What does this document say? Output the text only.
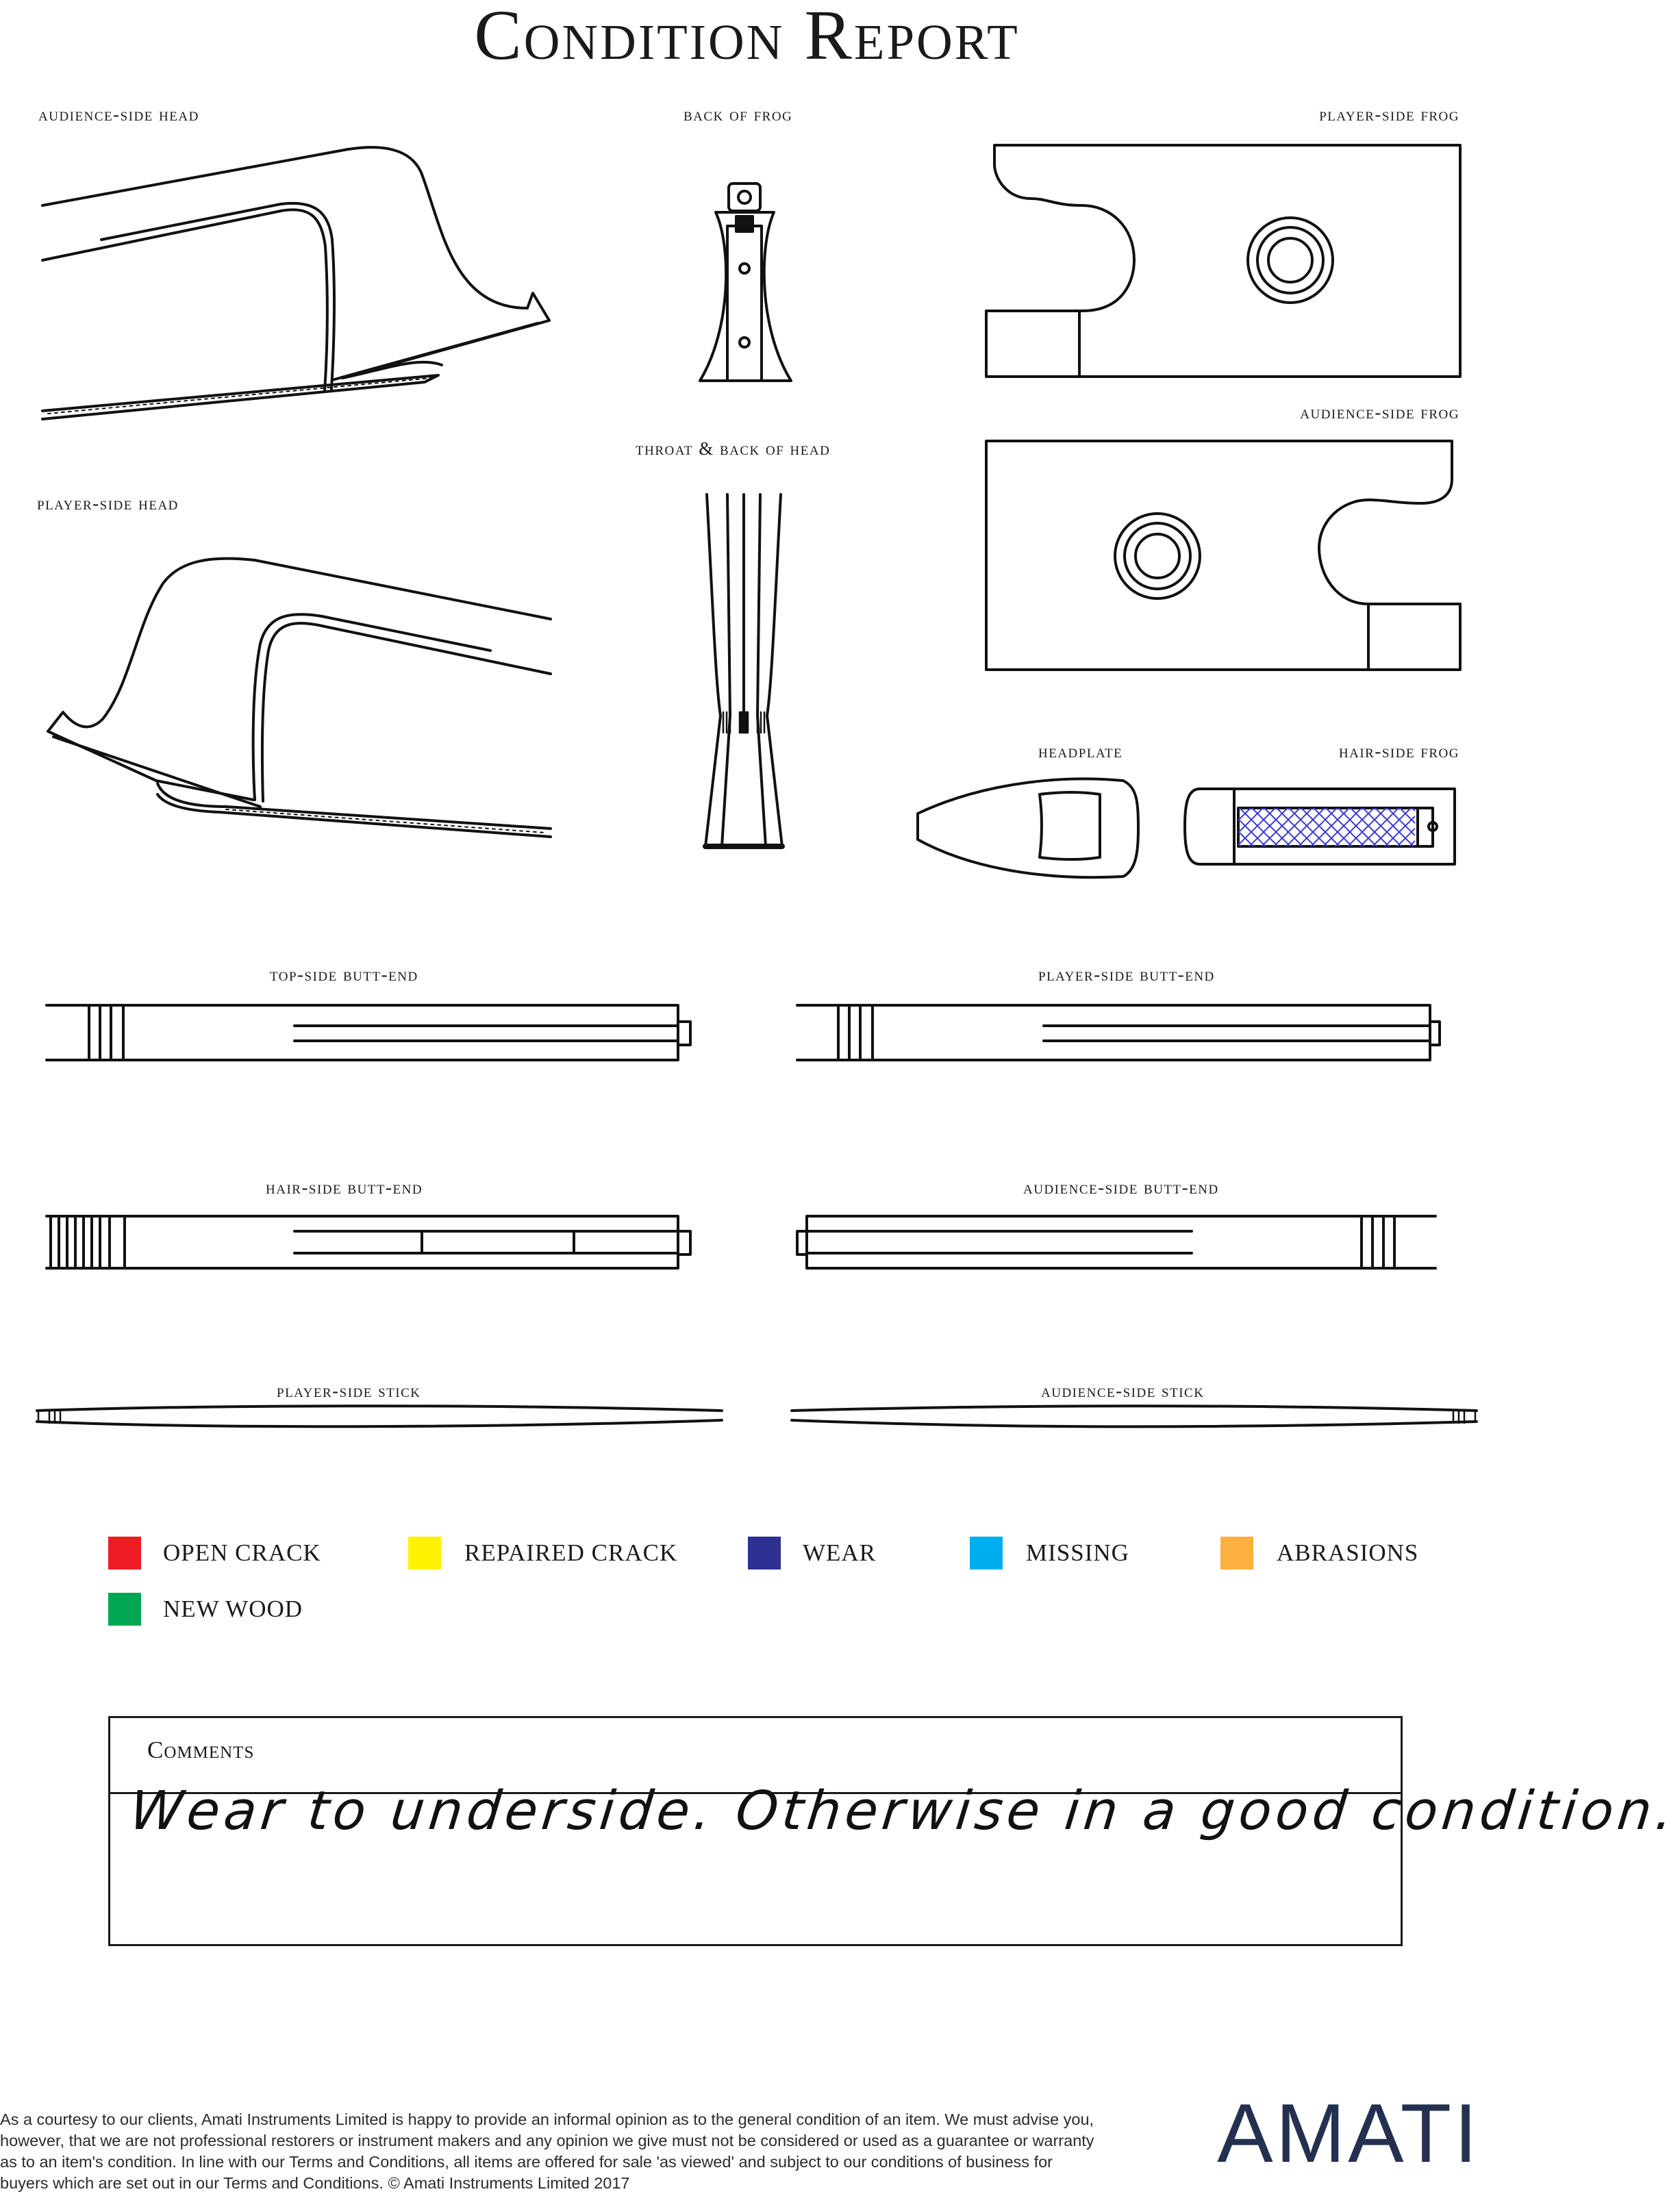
Condition Report
audience-side head	back of frog	player-side frog
throat & back of head
audience-side frog
player-side head
headplate	hair-side frog
top-side butt-end	player-side butt-end
hair-side butt-end	audience-side butt-end
player-side stick	audience-side stick
OPEN CRACK	REPAIRED CRACK	WEAR	MISSING	ABRASIONS
NEW WOOD
Comments
Wear to underside. Otherwise in a good condition.
As a courtesy to our clients, Amati Instruments Limited is happy to provide an informal opinion as to the general condition of an item. We must advise you, however, that we are not professional restorers or instrument makers and any opinion we give must not be considered or used as a guarantee or warranty as to an item's condition. In line with our Terms and Conditions, all items are offered for sale 'as viewed' and subject to our conditions of business for buyers which are set out in our Terms and Conditions. © Amati Instruments Limited 2017
AMATI
